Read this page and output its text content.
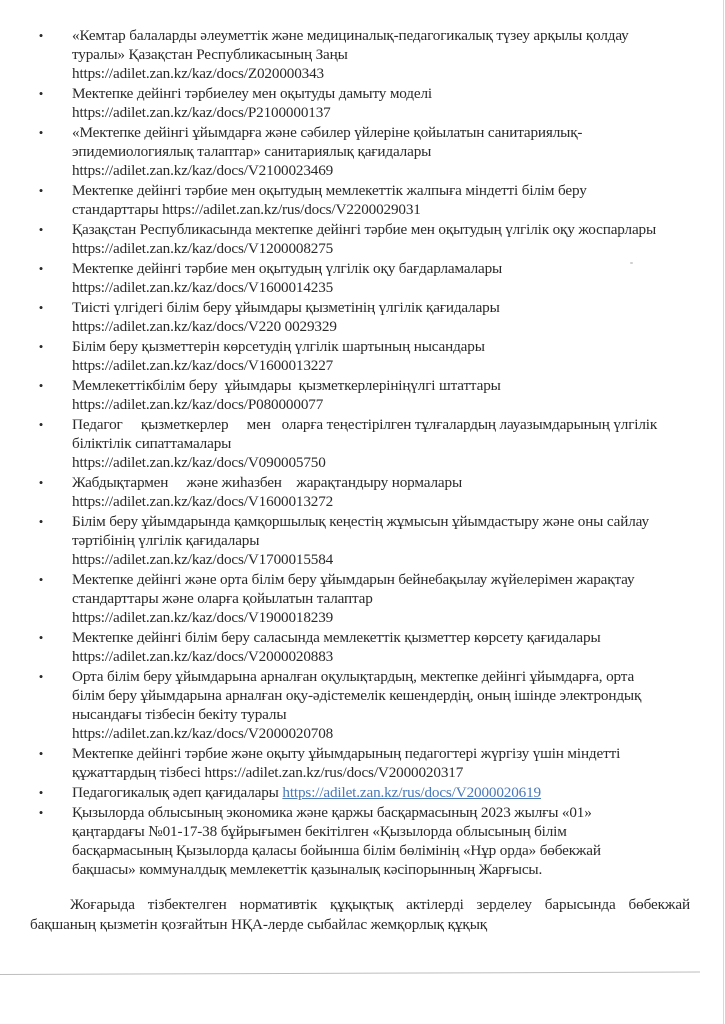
• «Кемтар балаларды әлеуметтік және медициналық-педагогикалық түзеу арқылы қолдау туралы» Қазақстан Республикасының Заңы
https://adilet.zan.kz/kaz/docs/Z020000343
• Мектепке дейінгі тәрбиелеу мен оқытуды дамыту моделі
https://adilet.zan.kz/kaz/docs/P2100000137
• «Мектепке дейінгі ұйымдарға және сәбилер үйлеріне қойылатын санитариялық-эпидемиологиялық талаптар» санитариялық қағидалары
https://adilet.zan.kz/kaz/docs/V2100023469
• Мектепке дейінгі тәрбие мен оқытудың мемлекеттік жалпыға міндетті білім беру стандарттары https://adilet.zan.kz/rus/docs/V2200029031
• Қазақстан Республикасында мектепке дейінгі тәрбие мен оқытудың үлгілік оқу жоспарлары https://adilet.zan.kz/kaz/docs/V1200008275
• Мектепке дейінгі тәрбие мен оқытудың үлгілік оқу бағдарламалары
https://adilet.zan.kz/kaz/docs/V1600014235
• Тиісті үлгідегі білім беру ұйымдары қызметінің үлгілік қағидалары
https://adilet.zan.kz/kaz/docs/V220 0029329
• Білім беру қызметтерін көрсетудің үлгілік шартының нысандары
https://adilet.zan.kz/kaz/docs/V1600013227
• Мемлекеттікбілім беру  ұйымдары  қызметкерлерініңүлгі штаттары
https://adilet.zan.kz/kaz/docs/P080000077
• Педагог     қызметкерлер     мен   оларға теңестірілген тұлғалардың лауазымдарының үлгілік біліктілік сипаттамалары
https://adilet.zan.kz/kaz/docs/V090005750
• Жабдықтармен     және жиһазбен    жарақтандыру нормалары
https://adilet.zan.kz/kaz/docs/V1600013272
• Білім беру ұйымдарында қамқоршылық кеңестің жұмысын ұйымдастыру және оны сайлау тәртібінің үлгілік қағидалары
https://adilet.zan.kz/kaz/docs/V1700015584
• Мектепке дейінгі және орта білім беру ұйымдарын бейнебақылау жүйелерімен жарақтау стандарттары және оларға қойылатын талаптар
https://adilet.zan.kz/kaz/docs/V1900018239
• Мектепке дейінгі білім беру саласында мемлекеттік қызметтер көрсету қағидалары https://adilet.zan.kz/kaz/docs/V2000020883
• Орта білім беру ұйымдарына арналған оқулықтардың, мектепке дейінгі ұйымдарға, орта білім беру ұйымдарына арналған оқу-әдістемелік кешендердің, оның ішінде электрондық нысандағы тізбесін бекіту туралы
https://adilet.zan.kz/kaz/docs/V2000020708
• Мектепке дейінгі тәрбие және оқыту ұйымдарының педагогтері жүргізу үшін міндетті құжаттардың тізбесі https://adilet.zan.kz/rus/docs/V2000020317
• Педагогикалық әдеп қағидалары https://adilet.zan.kz/rus/docs/V2000020619
• Қызылорда облысының экономика және қаржы басқармасының 2023 жылғы «01» қаңтардағы №01-17-38 бұйрығымен бекітілген «Қызылорда облысының білім басқармасының Қызылорда қаласы бойынша білім бөлімінің «Нұр орда» бөбекжай бақшасы» коммуналдық мемлекеттік қазыналық кәсіпорынның Жарғысы.

Жоғарыда тізбектелген нормативтік құқықтық актілерді зерделеу барысында бөбекжай бақшаның қызметін қозғайтын НҚА-лерде сыбайлас жемқорлық құқық
